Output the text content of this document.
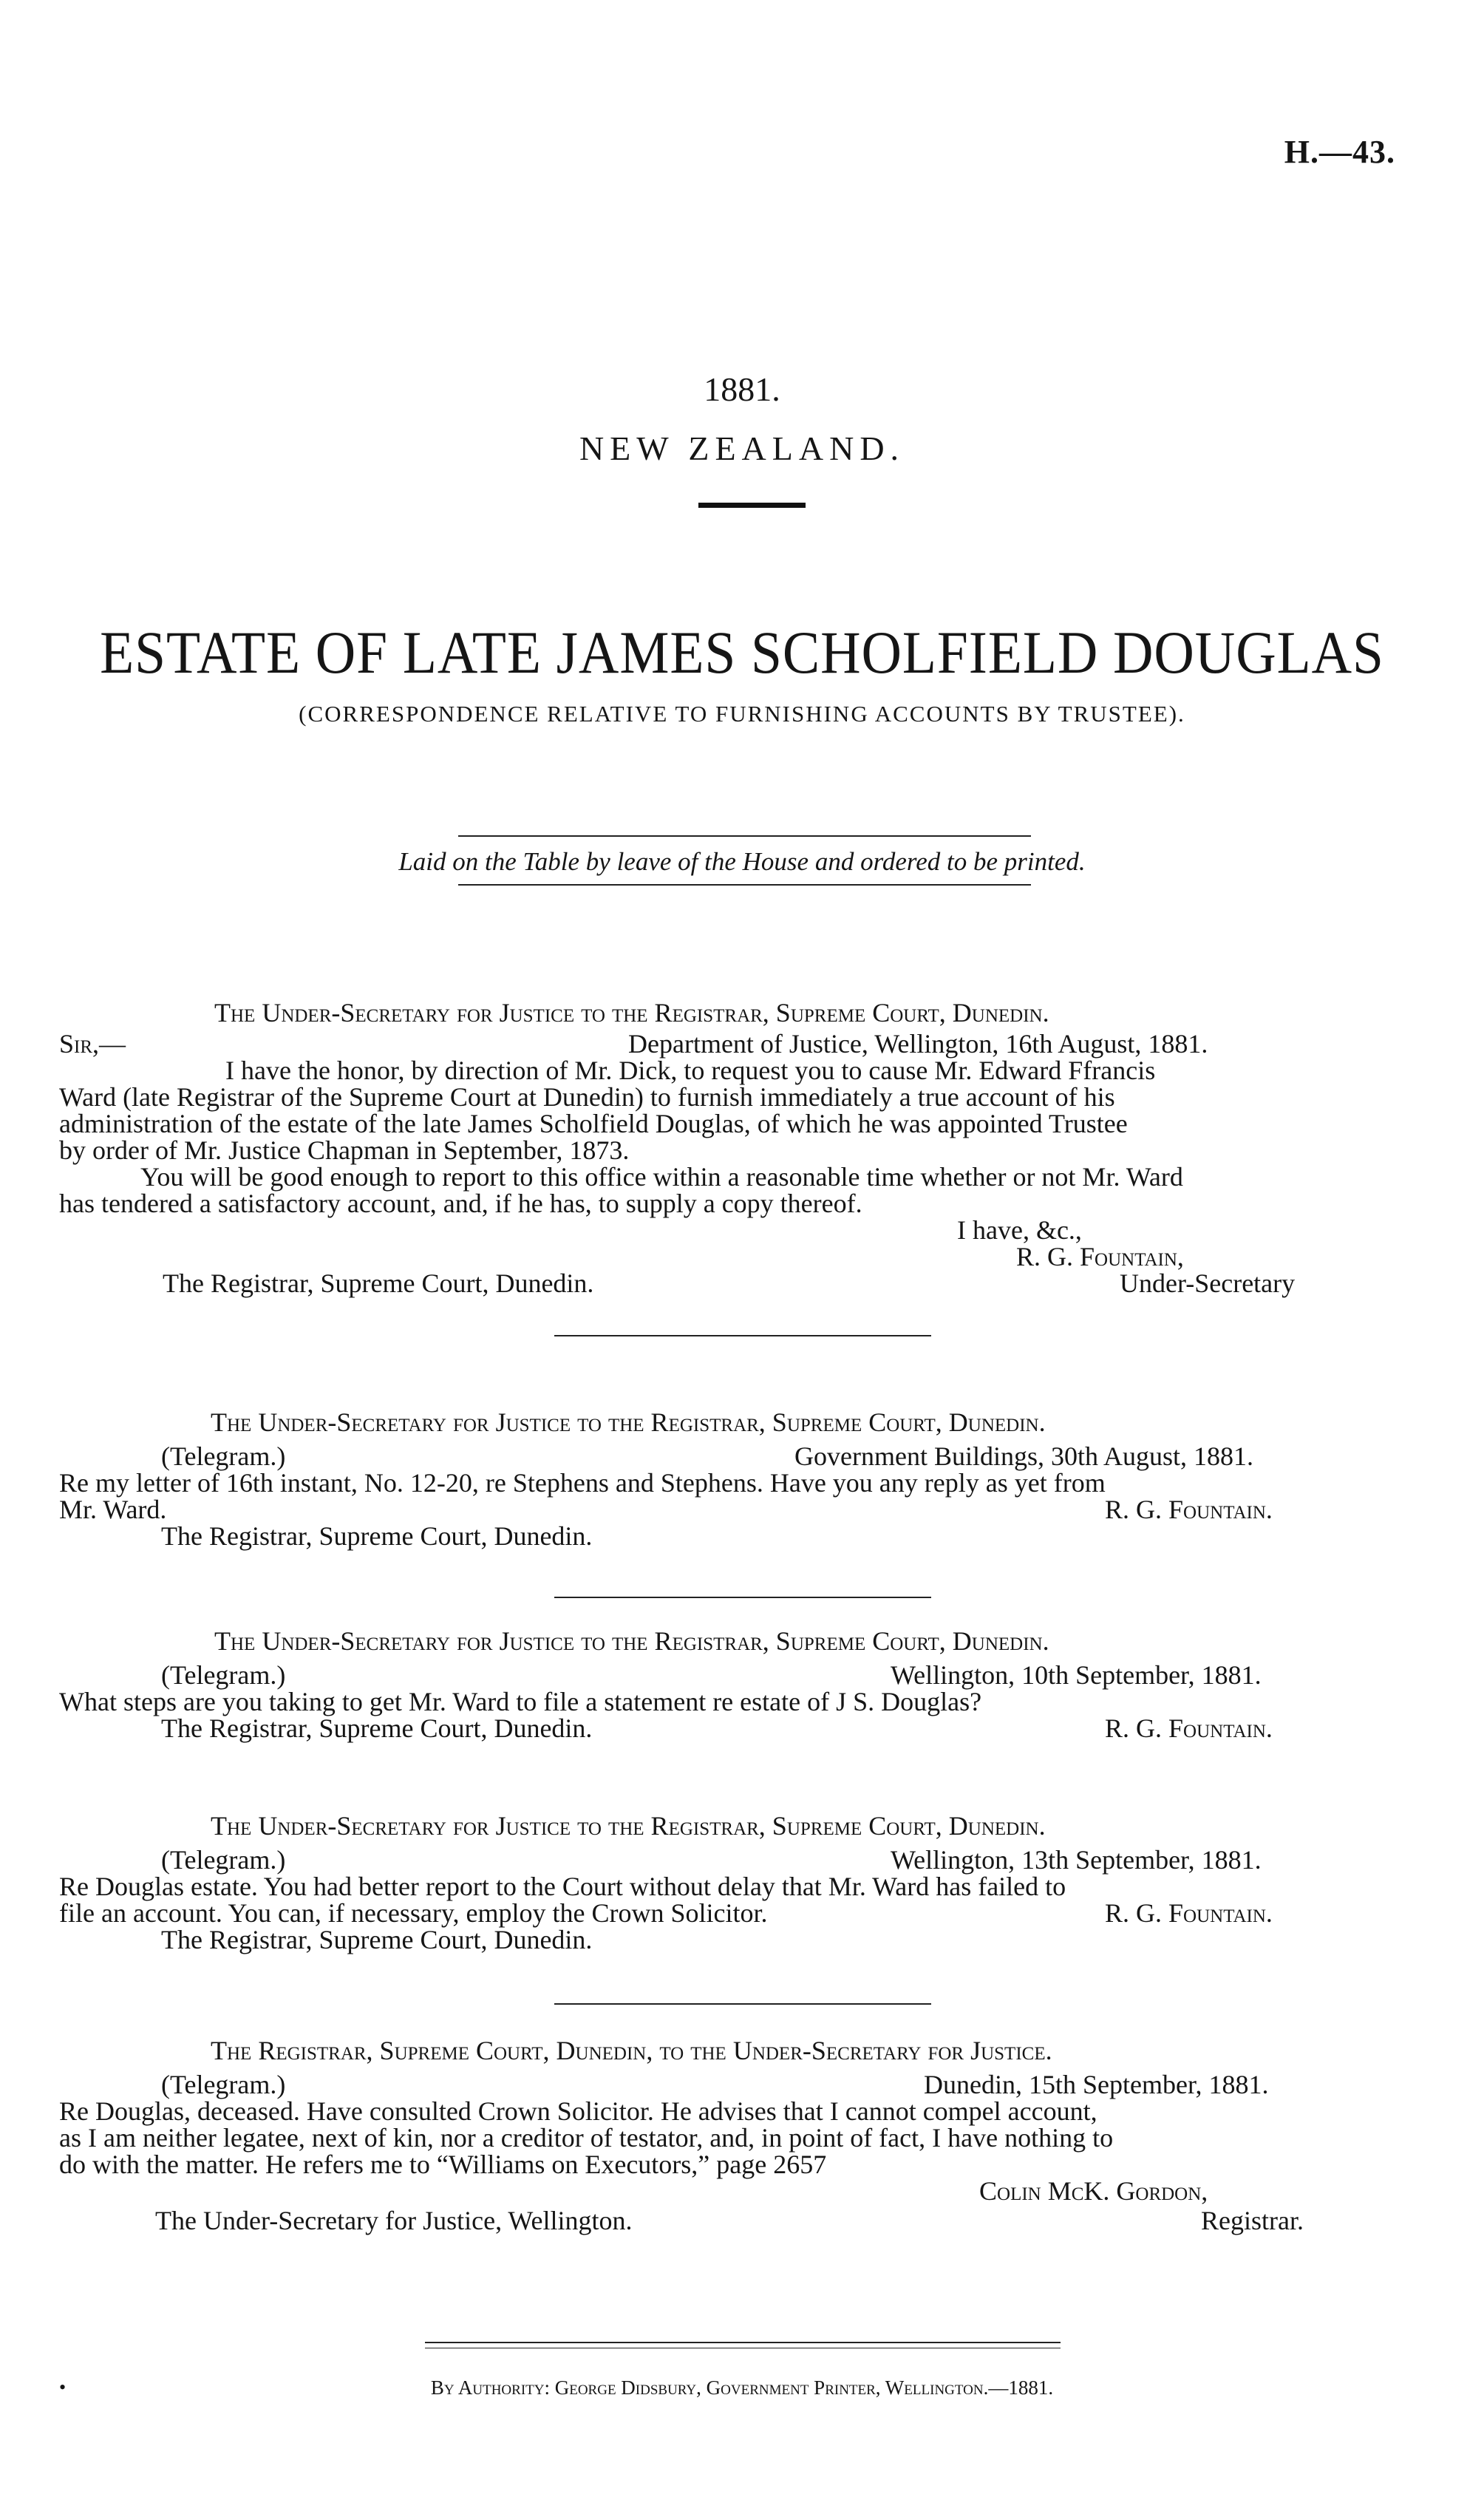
H.—43.
1881.
NEW ZEALAND.
ESTATE OF LATE JAMES SCHOLFIELD DOUGLAS
(CORRESPONDENCE RELATIVE TO FURNISHING ACCOUNTS BY TRUSTEE).
Laid on the Table by leave of the House and ordered to be printed.
The Under-Secretary for Justice to the Registrar, Supreme Court, Dunedin.
Sir,—	Department of Justice, Wellington, 16th August, 1881.
I have the honor, by direction of Mr. Dick, to request you to cause Mr. Edward Ffrancis
Ward (late Registrar of the Supreme Court at Dunedin) to furnish immediately a true account of his
administration of the estate of the late James Scholfield Douglas, of which he was appointed Trustee
by order of Mr. Justice Chapman in September, 1873.
You will be good enough to report to this office within a reasonable time whether or not Mr. Ward
has tendered a satisfactory account, and, if he has, to supply a copy thereof.
I have, &c.,
R. G. Fountain,
The Registrar, Supreme Court, Dunedin.	Under-Secretary
The Under-Secretary for Justice to the Registrar, Supreme Court, Dunedin.
(Telegram.)	Government Buildings, 30th August, 1881.
Re my letter of 16th instant, No. 12-20, re Stephens and Stephens. Have you any reply as yet from
Mr. Ward.	R. G. Fountain.
The Registrar, Supreme Court, Dunedin.
The Under-Secretary for Justice to the Registrar, Supreme Court, Dunedin.
(Telegram.)	Wellington, 10th September, 1881.
What steps are you taking to get Mr. Ward to file a statement re estate of J S. Douglas?
The Registrar, Supreme Court, Dunedin.	R. G. Fountain.
The Under-Secretary for Justice to the Registrar, Supreme Court, Dunedin.
(Telegram.)	Wellington, 13th September, 1881.
Re Douglas estate. You had better report to the Court without delay that Mr. Ward has failed to
file an account. You can, if necessary, employ the Crown Solicitor.	R. G. Fountain.
The Registrar, Supreme Court, Dunedin.
The Registrar, Supreme Court, Dunedin, to the Under-Secretary for Justice.
(Telegram.)	Dunedin, 15th September, 1881.
Re Douglas, deceased. Have consulted Crown Solicitor. He advises that I cannot compel account,
as I am neither legatee, next of kin, nor a creditor of testator, and, in point of fact, I have nothing to
do with the matter. He refers me to “Williams on Executors,” page 2657
Colin McK. Gordon,
The Under-Secretary for Justice, Wellington.	Registrar.
•	By Authority: George Didsbury, Government Printer, Wellington.—1881.
